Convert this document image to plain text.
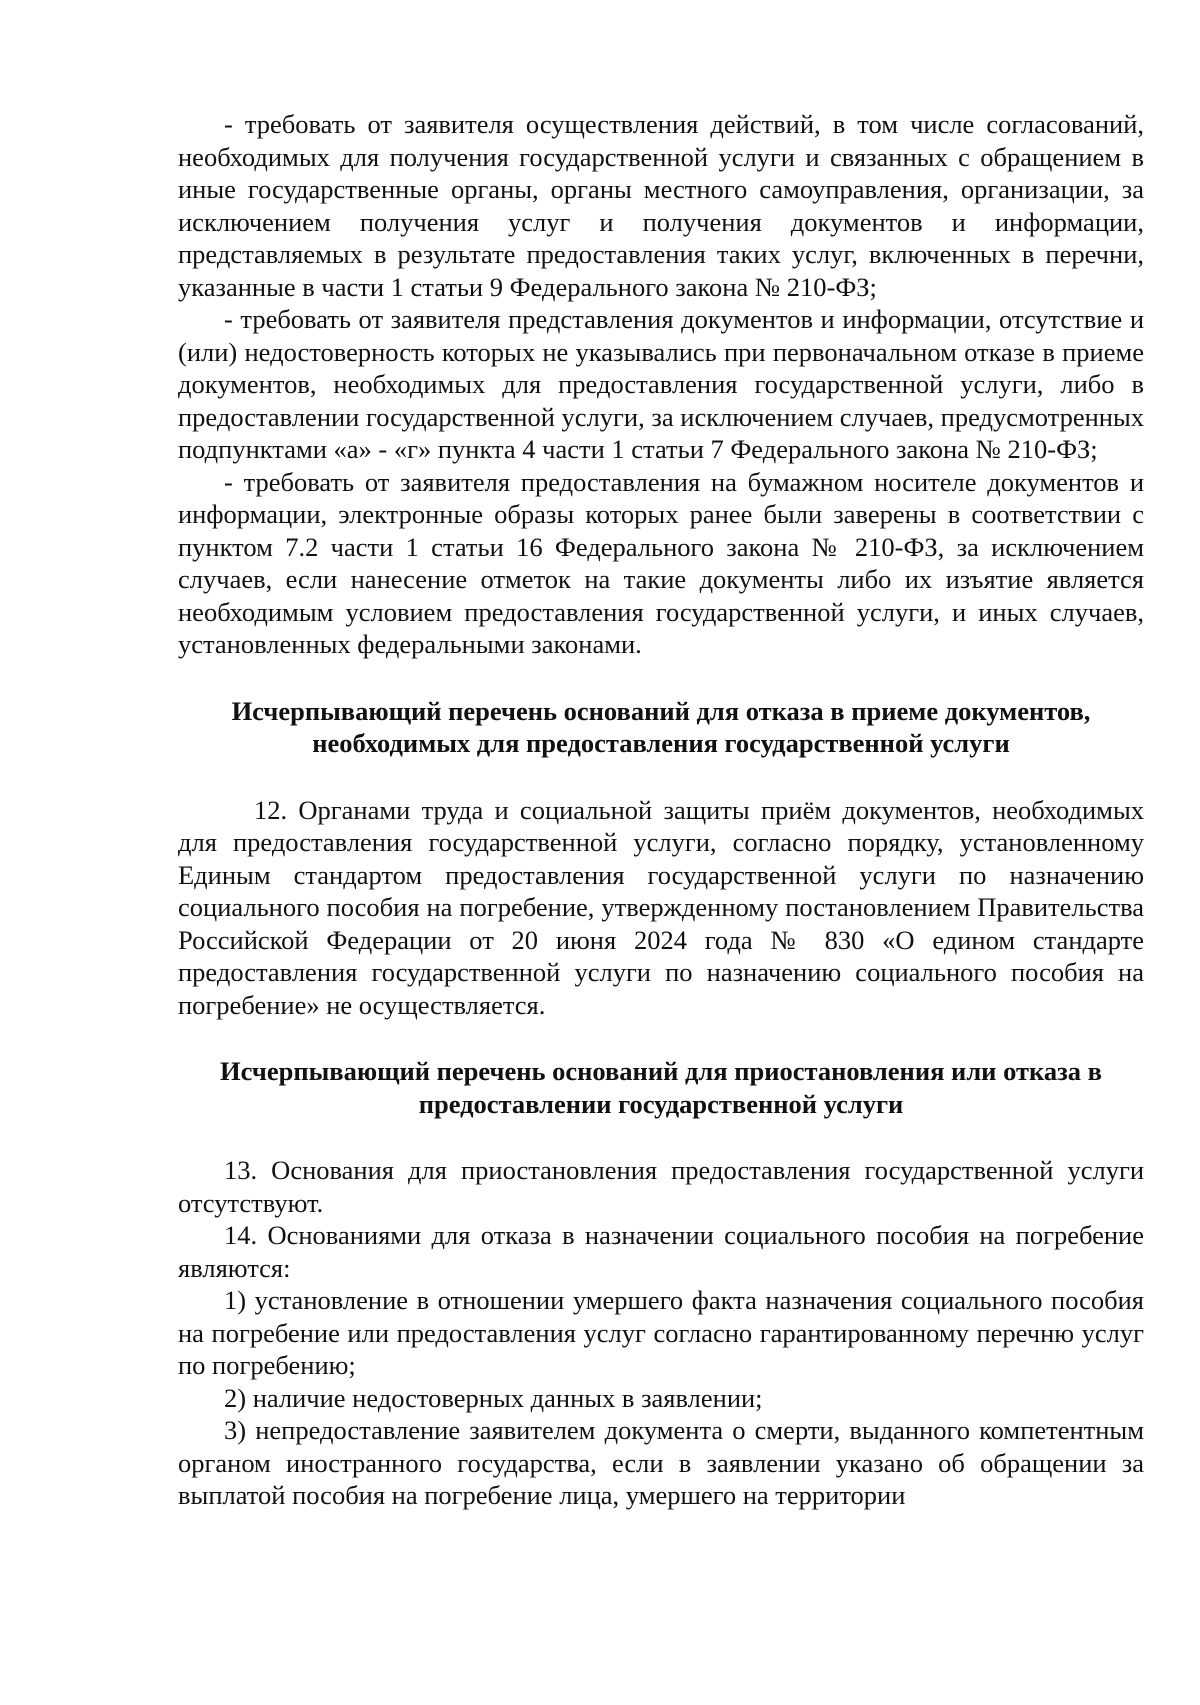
- требовать от заявителя осуществления действий, в том числе согласований, необходимых для получения государственной услуги и связанных с обращением в иные государственные органы, органы местного самоуправления, организации, за исключением получения услуг и получения документов и информации, представляемых в результате предоставления таких услуг, включенных в перечни, указанные в части 1 статьи 9 Федерального закона № 210-ФЗ;

- требовать от заявителя представления документов и информации, отсутствие и (или) недостоверность которых не указывались при первоначальном отказе в приеме документов, необходимых для предоставления государственной услуги, либо в предоставлении государственной услуги, за исключением случаев, предусмотренных подпунктами «а» - «г» пункта 4 части 1 статьи 7 Федерального закона № 210-ФЗ;

- требовать от заявителя предоставления на бумажном носителе документов и информации, электронные образы которых ранее были заверены в соответствии с пунктом 7.2 части 1 статьи 16 Федерального закона № 210-ФЗ, за исключением случаев, если нанесение отметок на такие документы либо их изъятие является необходимым условием предоставления государственной услуги, и иных случаев, установленных федеральными законами.

Исчерпывающий перечень оснований для отказа в приеме документов,

необходимых для предоставления государственной услуги

12. Органами труда и социальной защиты приём документов, необходимых для предоставления государственной услуги, согласно порядку, установленному Единым стандартом предоставления государственной услуги по назначению социального пособия на погребение, утвержденному постановлением Правительства Российской Федерации от 20 июня 2024 года № 830 «О едином стандарте предоставления государственной услуги по назначению социального пособия на погребение» не осуществляется.

Исчерпывающий перечень оснований для приостановления или отказа в

предоставлении государственной услуги

13. Основания для приостановления предоставления государственной услуги отсутствуют.

14. Основаниями для отказа в назначении социального пособия на погребение являются:

1) установление в отношении умершего факта назначения социального пособия на погребение или предоставления услуг согласно гарантированному перечню услуг по погребению;

2) наличие недостоверных данных в заявлении;

3) непредоставление заявителем документа о смерти, выданного компетентным органом иностранного государства, если в заявлении указано об обращении за выплатой пособия на погребение лица, умершего на территории
